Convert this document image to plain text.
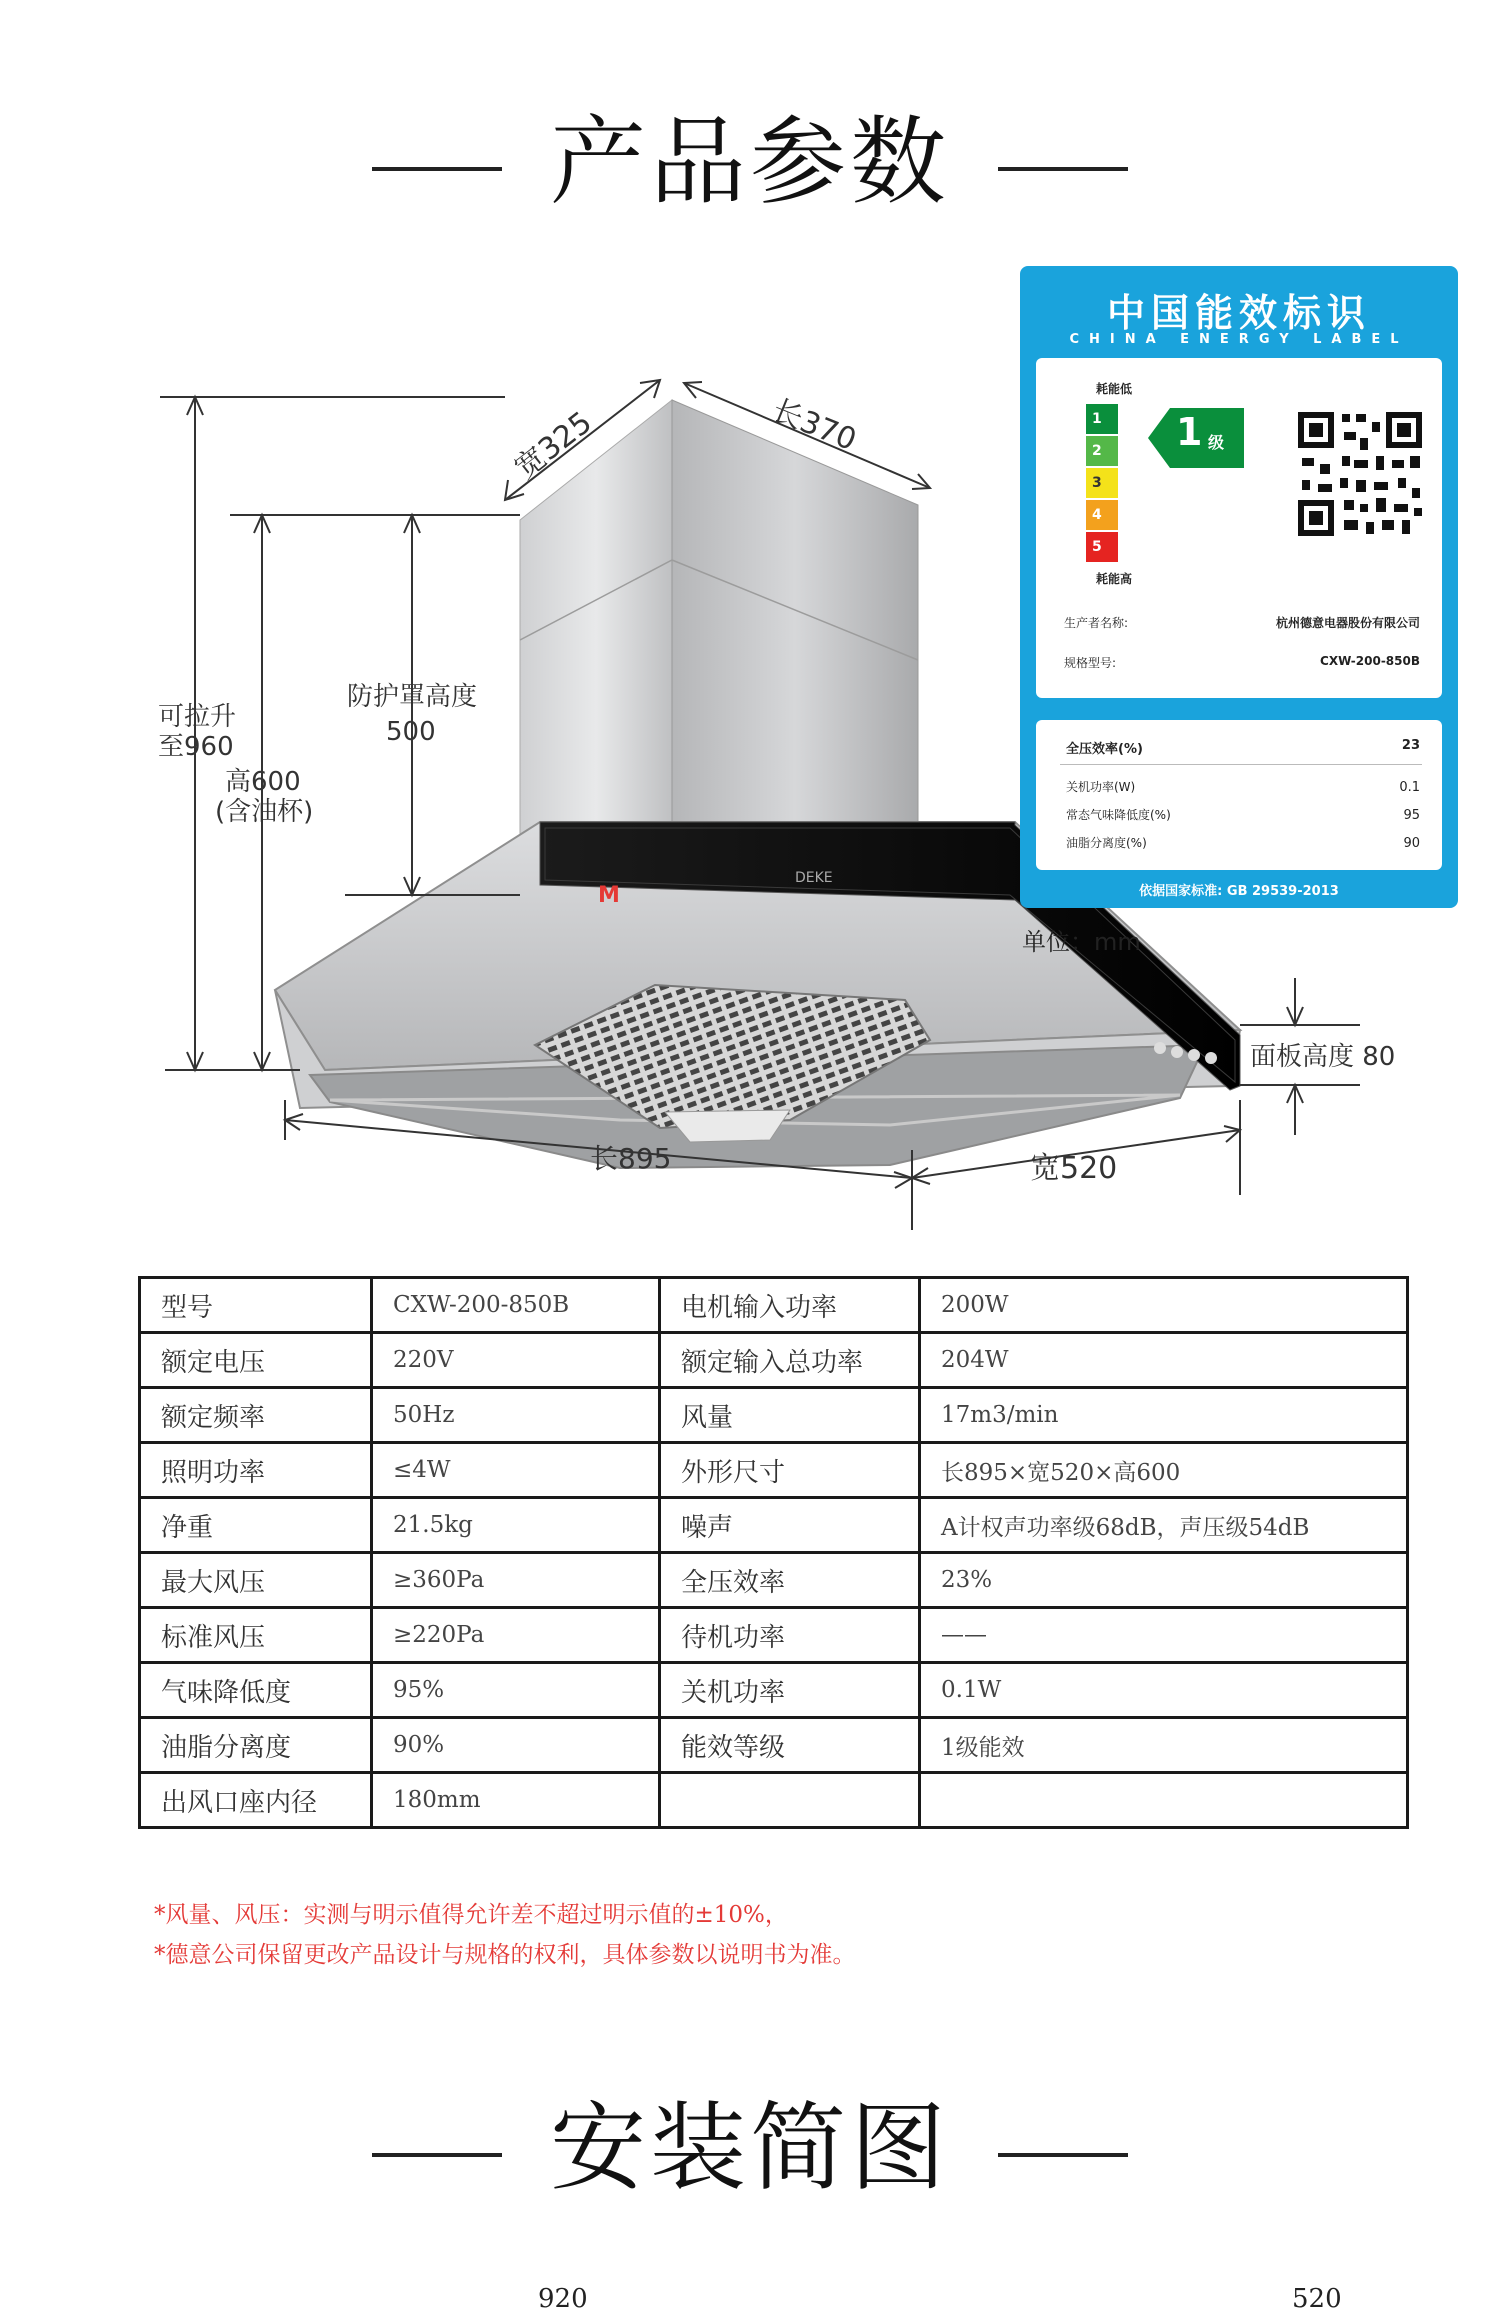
产品参数
M
DEKE
宽325	长370
可拉升
至960
高600
(含油杯)
防护罩高度
500
长895	宽520
面板高度 80
中国能效标识
CHINA ENERGY LABEL
耗能低
1
2
3
4
5
耗能高
1 级
生产者名称:	杭州德意电器股份有限公司
规格型号:	CXW-200-850B
全压效率(%)	23
关机功率(W)	0.1
常态气味降低度(%)	95
油脂分离度(%)	90
依据国家标准: GB 29539-2013
单位：mm
型号	CXW-200-850B	电机输入功率	200W
额定电压	220V	额定输入总功率	204W
额定频率	50Hz	风量	17m3/min
照明功率	≤4W	外形尺寸	长895×宽520×高600
净重	21.5kg	噪声	A计权声功率级68dB，声压级54dB
最大风压	≥360Pa	全压效率	23%
标准风压	≥220Pa	待机功率	——
气味降低度	95%	关机功率	0.1W
油脂分离度	90%	能效等级	1级能效
出风口座内径	180mm		
*风量、风压：实测与明示值得允许差不超过明示值的±10%，
*德意公司保留更改产品设计与规格的权利，具体参数以说明书为准。
安装简图
920	520
